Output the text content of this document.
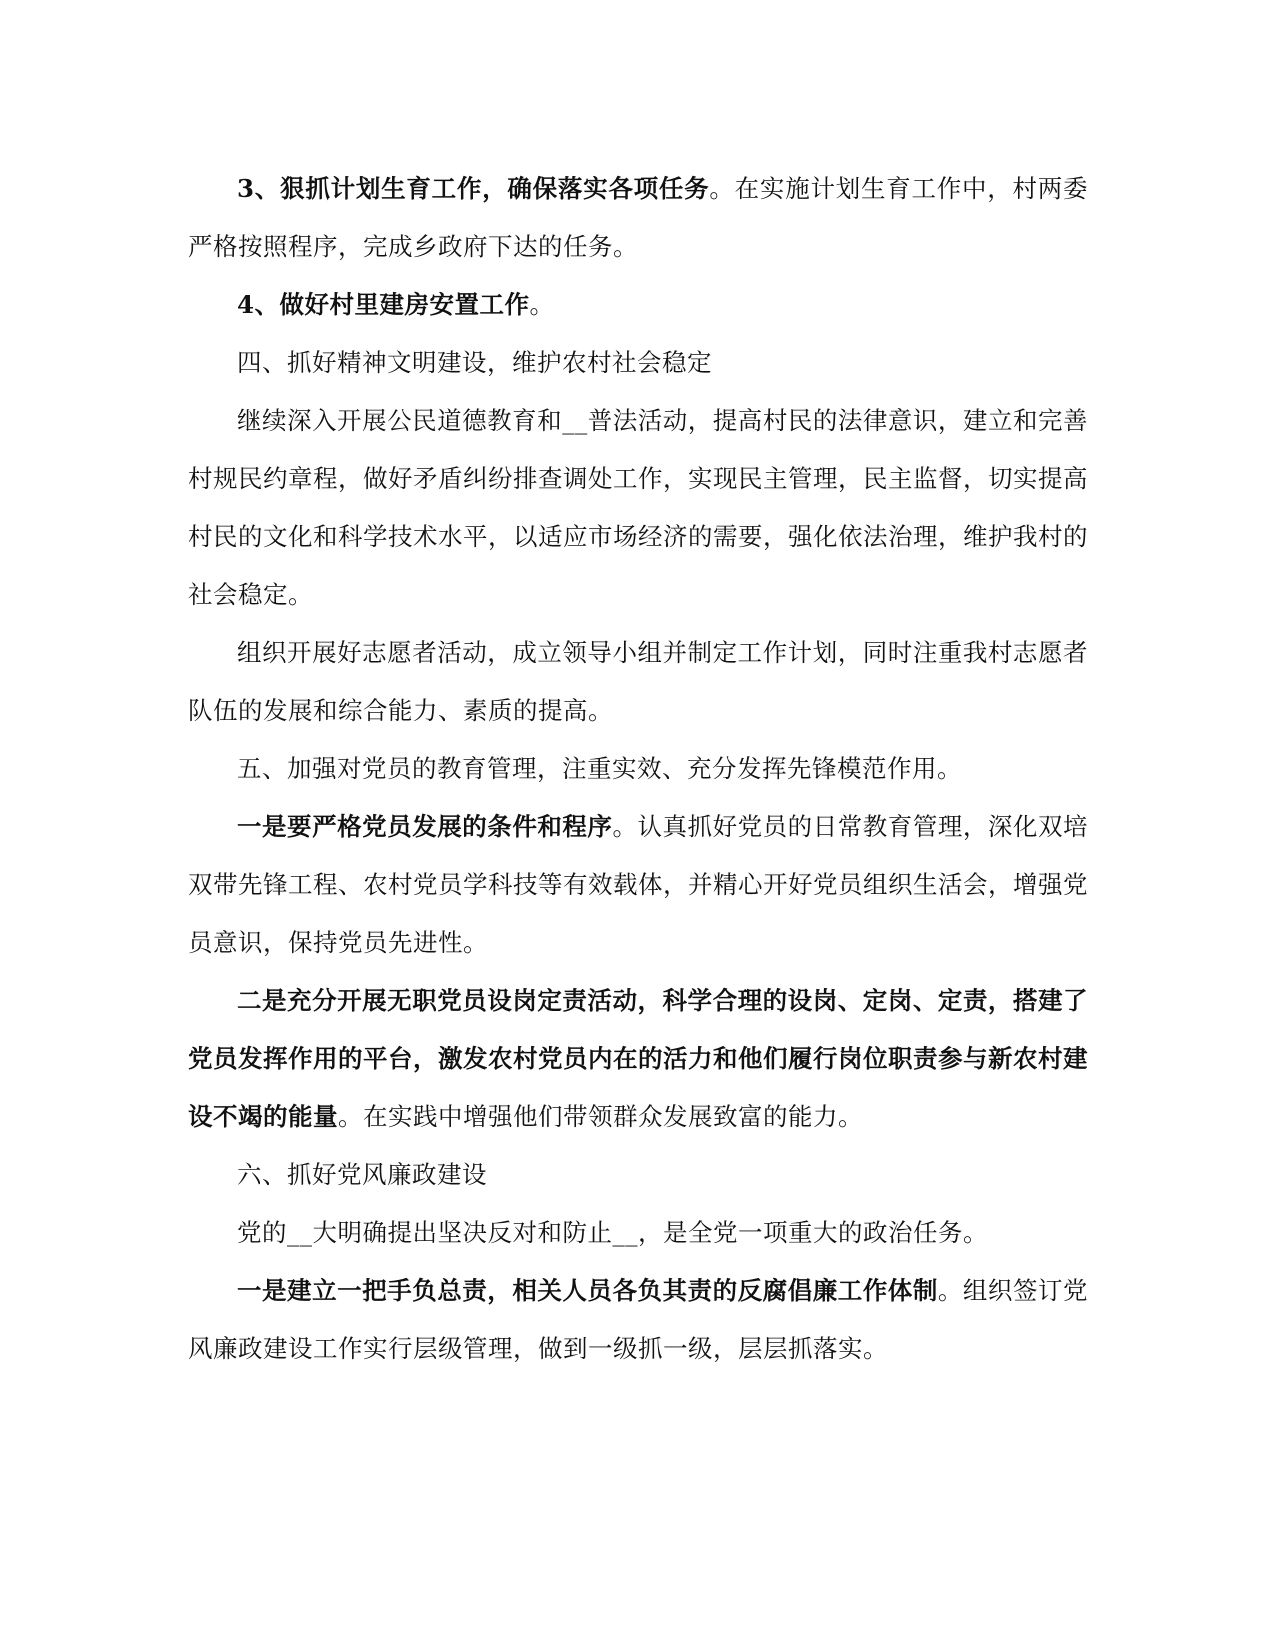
3、狠抓计划生育工作，确保落实各项任务。在实施计划生育工作中，村两委严格按照程序，完成乡政府下达的任务。

4、做好村里建房安置工作。

四、抓好精神文明建设，维护农村社会稳定

继续深入开展公民道德教育和__普法活动，提高村民的法律意识，建立和完善村规民约章程，做好矛盾纠纷排查调处工作，实现民主管理，民主监督，切实提高村民的文化和科学技术水平，以适应市场经济的需要，强化依法治理，维护我村的社会稳定。

组织开展好志愿者活动，成立领导小组并制定工作计划，同时注重我村志愿者队伍的发展和综合能力、素质的提高。

五、加强对党员的教育管理，注重实效、充分发挥先锋模范作用。

一是要严格党员发展的条件和程序。认真抓好党员的日常教育管理，深化双培双带先锋工程、农村党员学科技等有效载体，并精心开好党员组织生活会，增强党员意识，保持党员先进性。

二是充分开展无职党员设岗定责活动，科学合理的设岗、定岗、定责，搭建了党员发挥作用的平台，激发农村党员内在的活力和他们履行岗位职责参与新农村建设不竭的能量。在实践中增强他们带领群众发展致富的能力。

六、抓好党风廉政建设

党的__大明确提出坚决反对和防止__，是全党一项重大的政治任务。

一是建立一把手负总责，相关人员各负其责的反腐倡廉工作体制。组织签订党风廉政建设工作实行层级管理，做到一级抓一级，层层抓落实。
